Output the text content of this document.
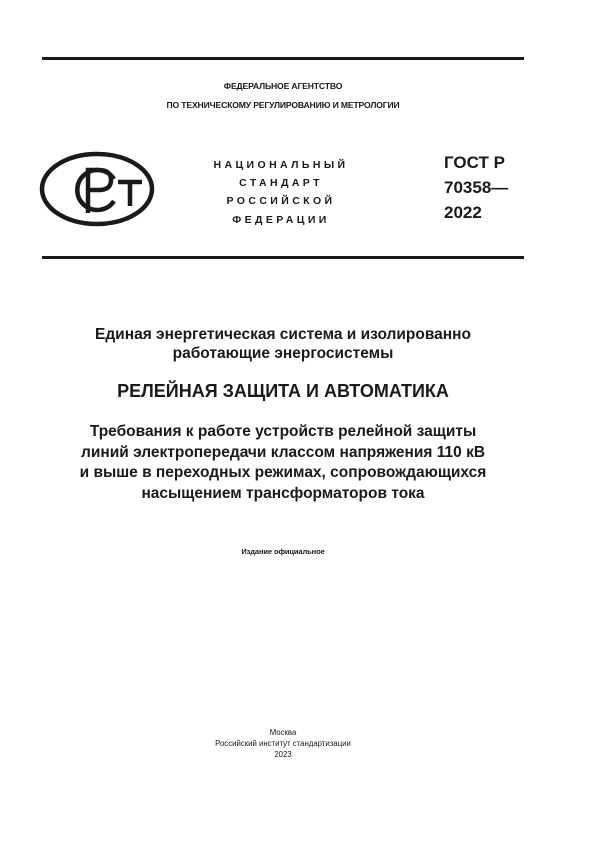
ФЕДЕРАЛЬНОЕ АГЕНТСТВО
ПО ТЕХНИЧЕСКОМУ РЕГУЛИРОВАНИЮ И МЕТРОЛОГИИ
НАЦИОНАЛЬНЫЙ
СТАНДАРТ
РОССИЙСКОЙ
ФЕДЕРАЦИИ
ГОСТ Р
70358—
2022
Единая энергетическая система и изолированно
работающие энергосистемы
РЕЛЕЙНАЯ ЗАЩИТА И АВТОМАТИКА
Требования к работе устройств релейной защиты
линий электропередачи классом напряжения 110 кВ
и выше в переходных режимах, сопровождающихся
насыщением трансформаторов тока
Издание официальное
Москва
Российский институт стандартизации
2023
